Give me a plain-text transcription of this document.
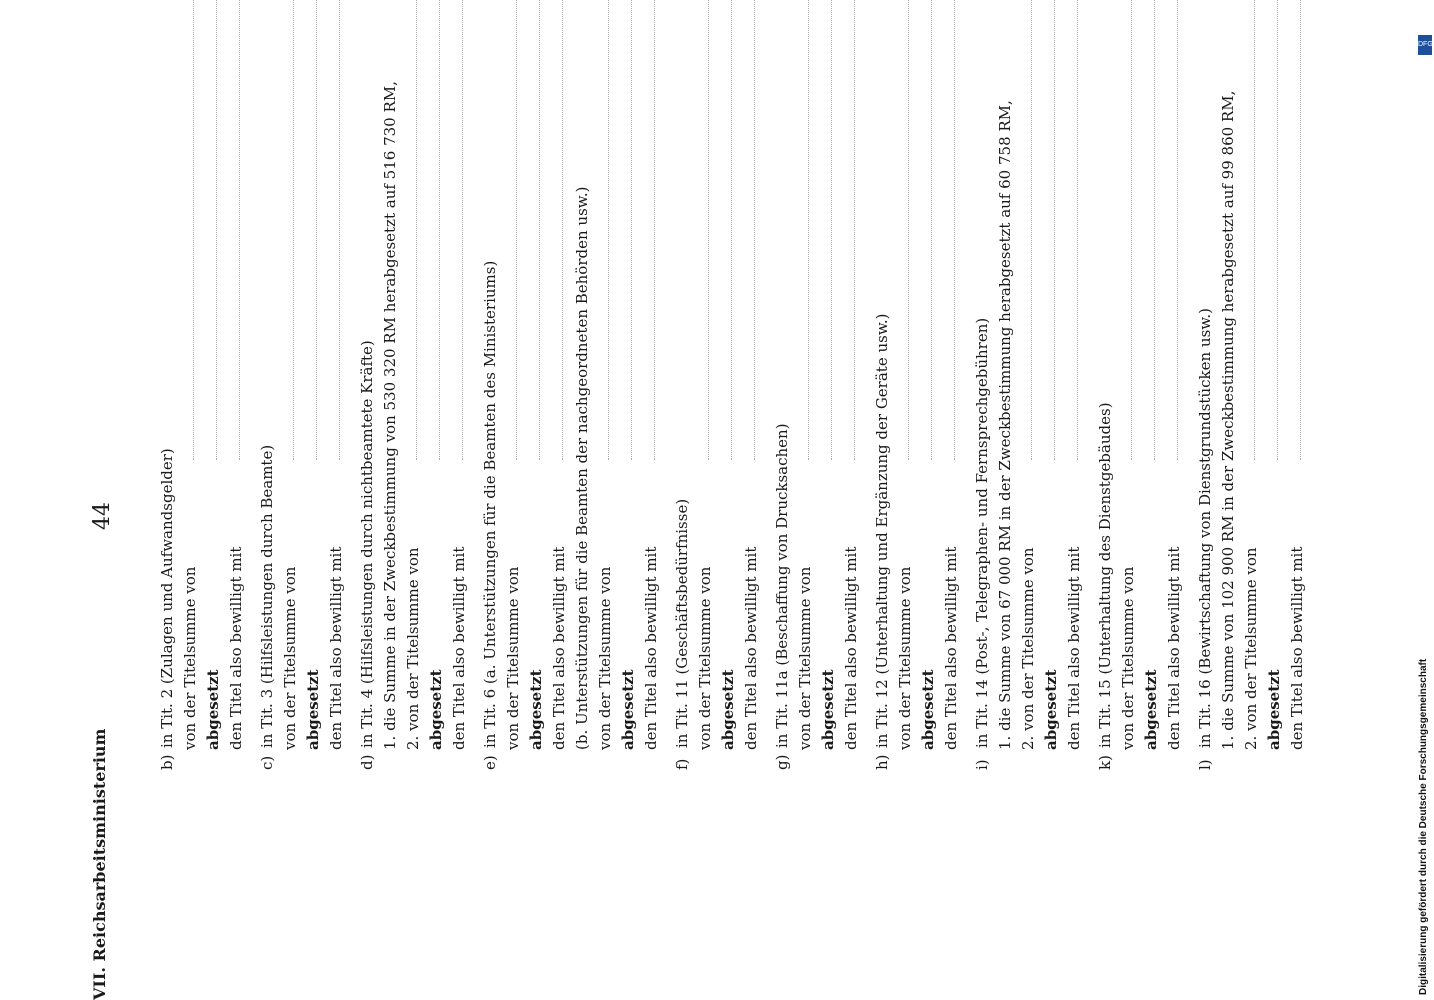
VII. Reichsarbeitsministerium
44
b)
in Tit. 2 (Zulagen und Aufwandsgelder) von der Titelsumme von abgesetzt den Titel also bewilligt mit
c)
in Tit. 3 (Hilfsleistungen durch Beamte) von der Titelsumme von abgesetzt den Titel also bewilligt mit
d)
in Tit. 4 (Hilfsleistungen durch nichtbeamtete Kräfte) 1. die Summe in der Zweckbestimmung von 530 320 RM herabgesetzt auf 516 730 RM, 2. von der Titelsumme von abgesetzt den Titel also bewilligt mit
e)
in Tit. 6 (a. Unterstützungen für die Beamten des Ministeriums) von der Titelsumme von abgesetzt den Titel also bewilligt mit (b. Unterstützungen für die Beamten der nachgeordneten Behörden usw.) von der Titelsumme von abgesetzt den Titel also bewilligt mit
f)
in Tit. 11 (Geschäftsbedürfnisse) von der Titelsumme von abgesetzt den Titel also bewilligt mit
g)
in Tit. 11a (Beschaffung von Drucksachen) von der Titelsumme von abgesetzt den Titel also bewilligt mit
h)
in Tit. 12 (Unterhaltung und Ergänzung der Geräte usw.) von der Titelsumme von abgesetzt den Titel also bewilligt mit
i)
in Tit. 14 (Post-, Telegraphen- und Fernsprechgebühren) 1. die Summe von 67 000 RM in der Zweckbestimmung herabgesetzt auf 60 758 RM, 2. von der Titelsumme von abgesetzt den Titel also bewilligt mit
k)
in Tit. 15 (Unterhaltung des Dienstgebäudes) von der Titelsumme von abgesetzt den Titel also bewilligt mit
l)
in Tit. 16 (Bewirtschaftung von Dienstgrundstücken usw.) 1. die Summe von 102 900 RM in der Zweckbestimmung herabgesetzt auf 99 860 RM, 2. von der Titelsumme von abgesetzt den Titel also bewilligt mit
Digitalisierung gefördert durch die Deutsche Forschungsgemeinschaft
DFG
